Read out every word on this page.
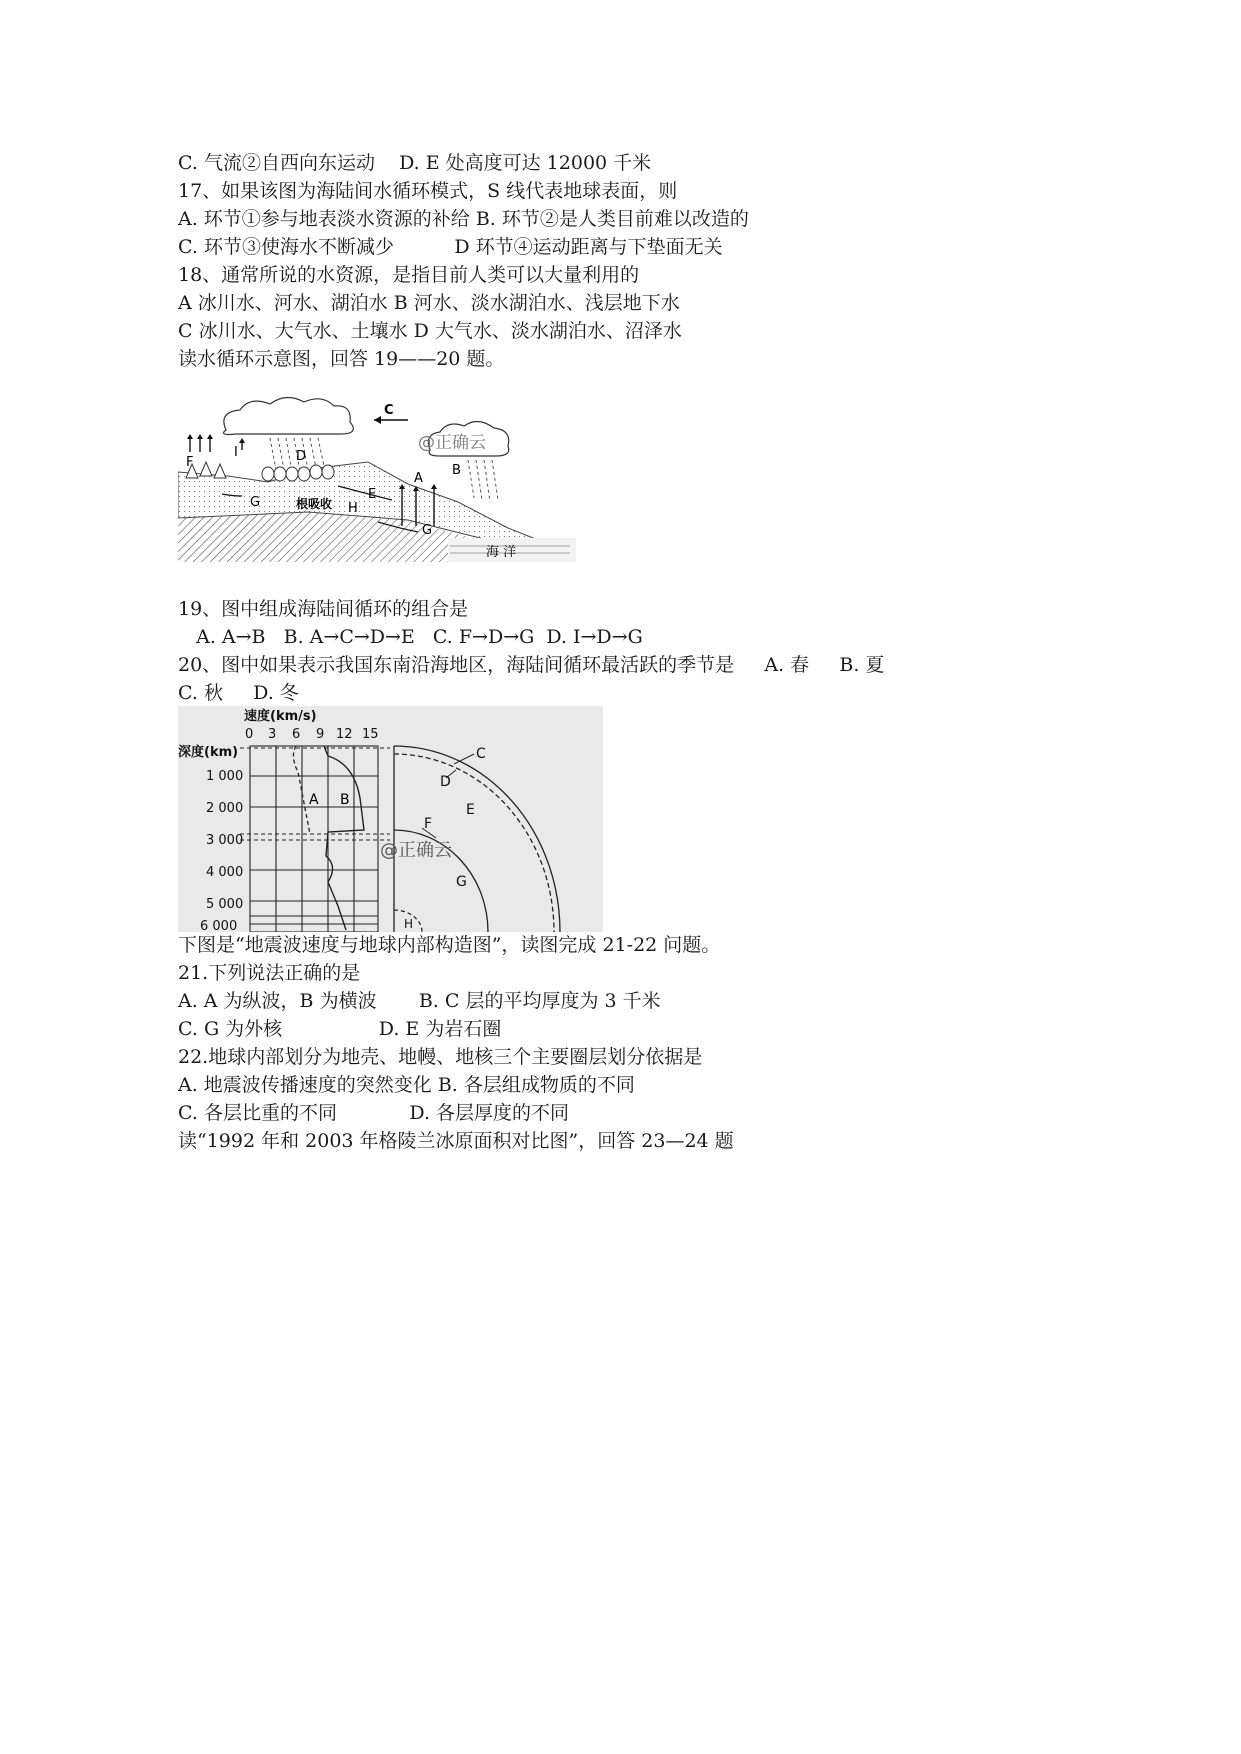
C. 气流②自西向东运动    D. E 处高度可达 12000 千米
17、如果该图为海陆间水循环模式，S 线代表地球表面，则
A. 环节①参与地表淡水资源的补给 B. 环节②是人类目前难以改造的
C. 环节③使海水不断减少          D 环节④运动距离与下垫面无关
18、通常所说的水资源，是指目前人类可以大量利用的
A 冰川水、河水、湖泊水 B 河水、淡水湖泊水、浅层地下水
C 冰川水、大气水、土壤水 D 大气水、淡水湖泊水、沼泽水
读水循环示意图，回答 19——20 题。
C
F
I	D
A
B
E
G	根吸收 H
G
海 洋
@正确云
19、图中组成海陆间循环的组合是
A. A→B   B. A→C→D→E   C. F→D→G  D. I→D→G
20、图中如果表示我国东南沿海地区，海陆间循环最活跃的季节是     A. 春     B. 夏
C. 秋     D. 冬
速度(km/s)
深度(km)
0 3 6 9 12 15
1 000
2 000
3 000
4 000
5 000
6 000
A B
C
D
E
F
G
H
@正确云
下图是“地震波速度与地球内部构造图”，读图完成 21-22 问题。
21.下列说法正确的是
A. A 为纵波，B 为横波       B. C 层的平均厚度为 3 千米
C. G 为外核                D. E 为岩石圈
22.地球内部划分为地壳、地幔、地核三个主要圈层划分依据是
A. 地震波传播速度的突然变化 B. 各层组成物质的不同
C. 各层比重的不同            D. 各层厚度的不同
读“1992 年和 2003 年格陵兰冰原面积对比图”，回答 23—24 题
